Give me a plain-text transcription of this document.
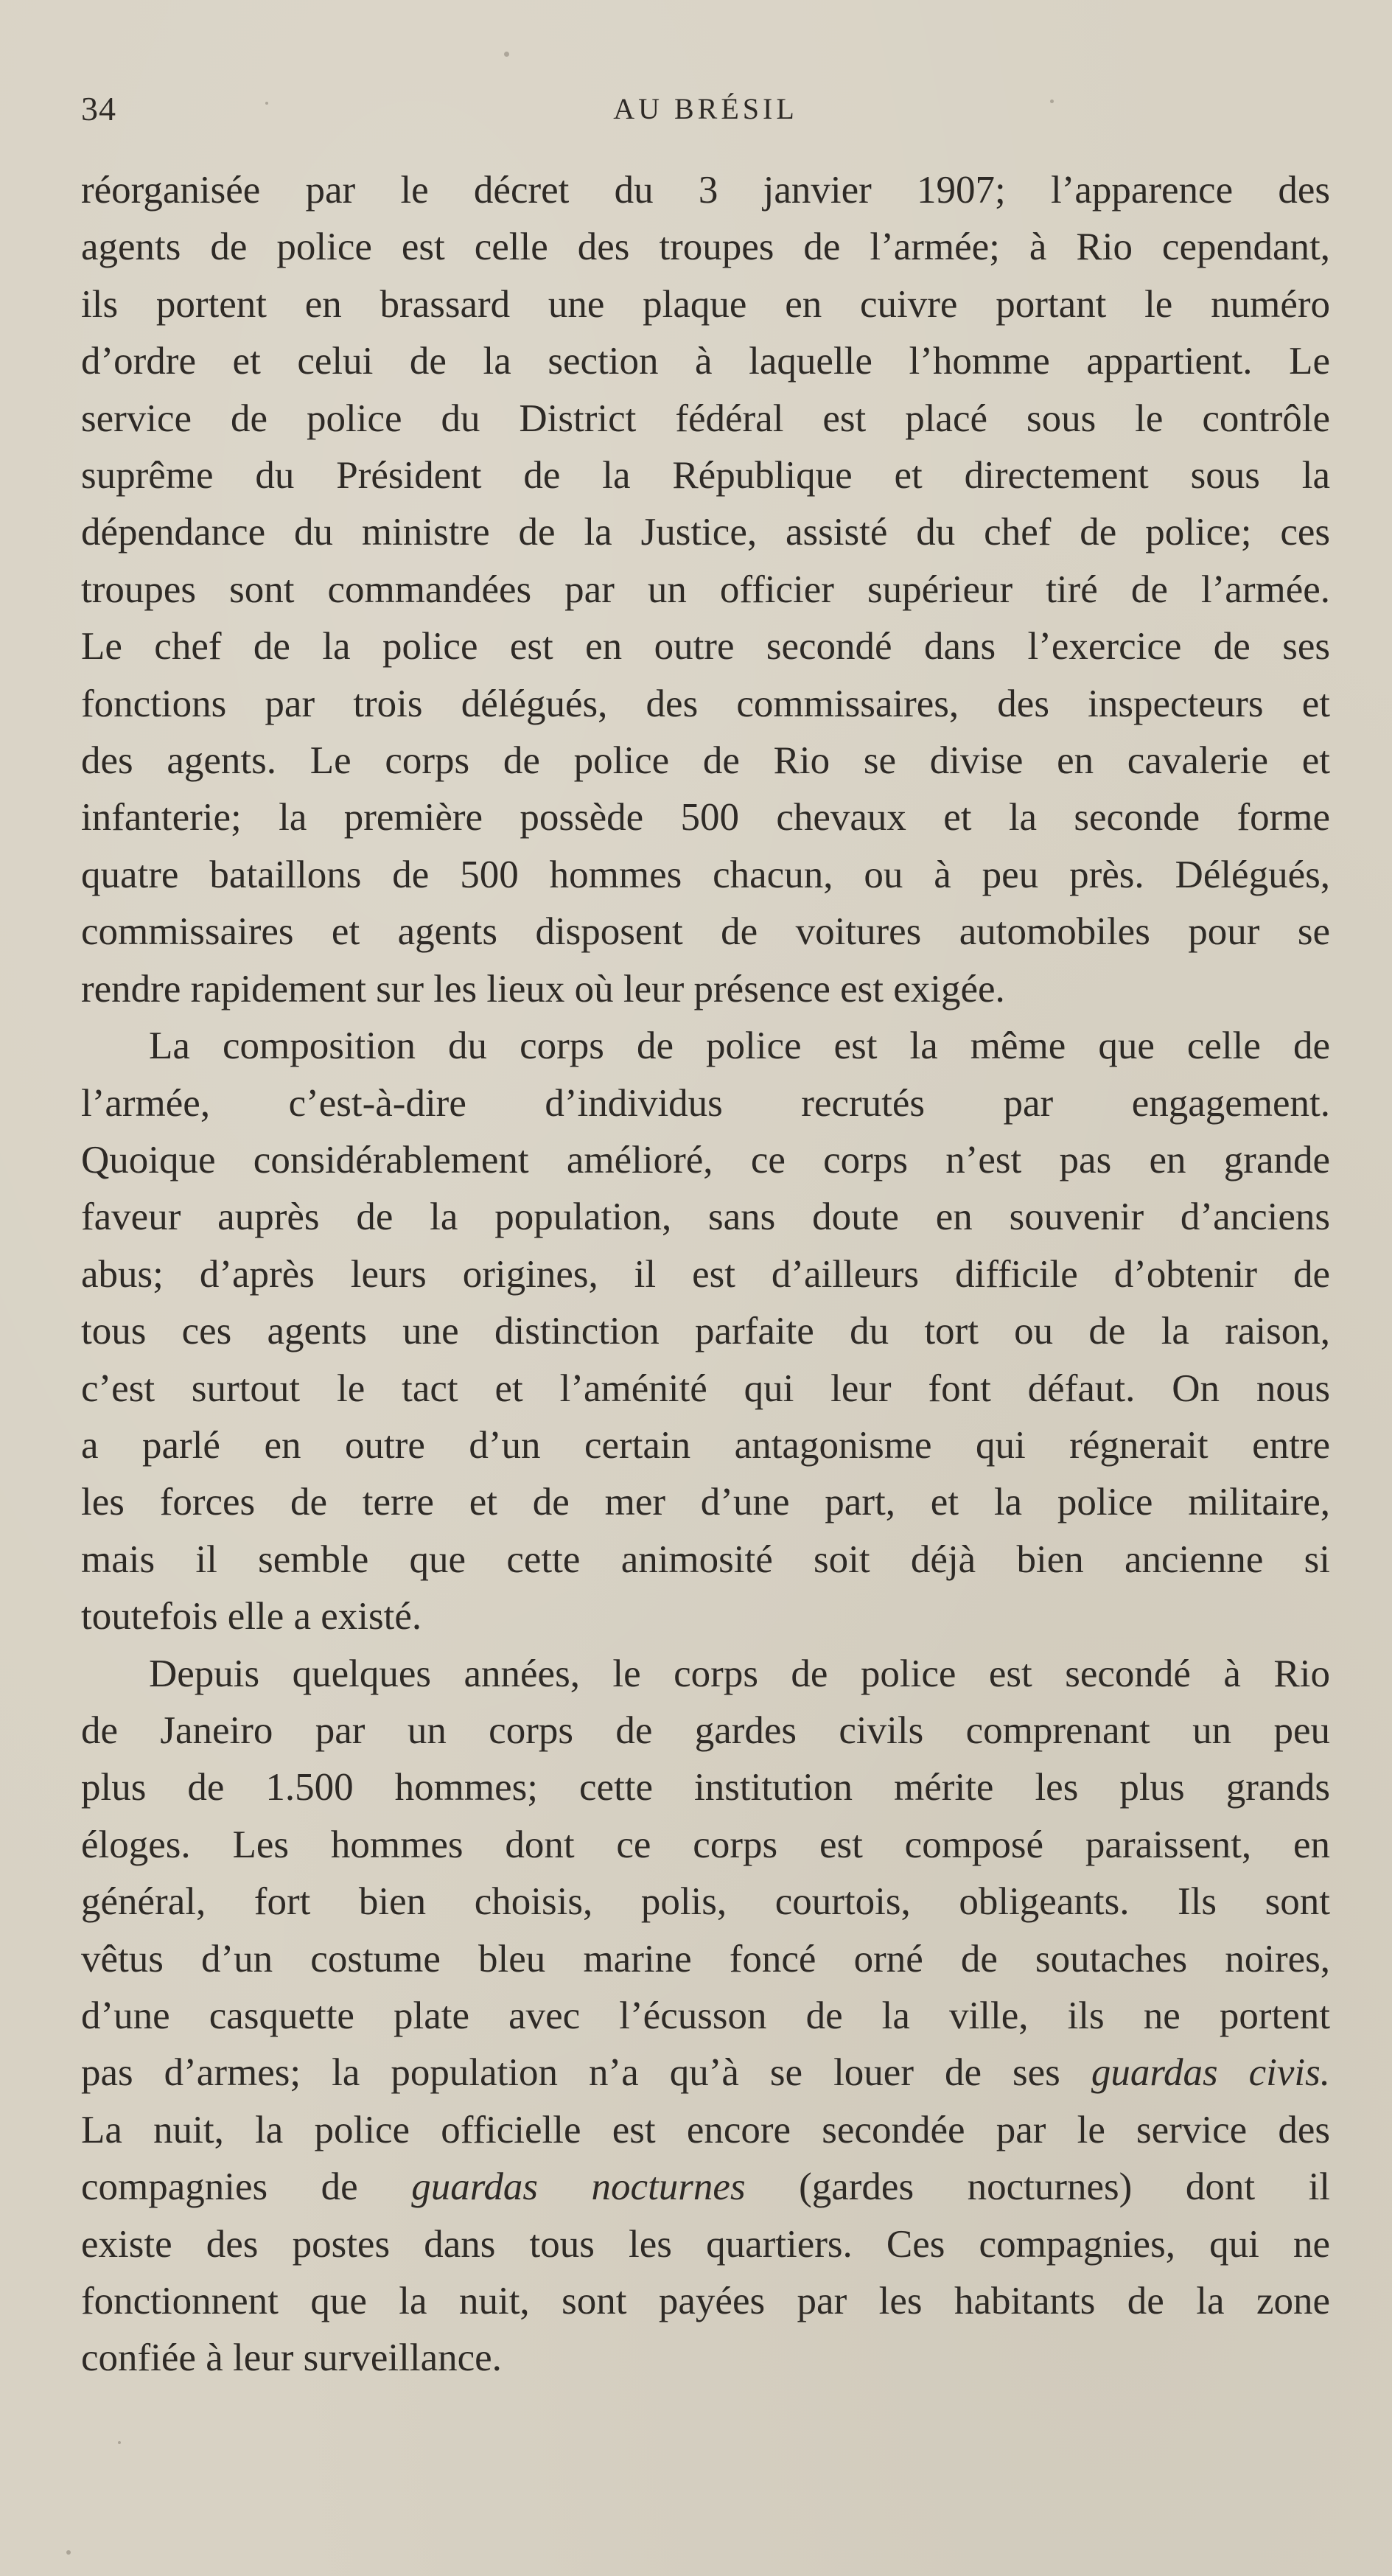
34	AU BRÉSIL

réorganisée par le décret du 3 janvier 1907; l’apparence des

agents de police est celle des troupes de l’armée; à Rio cependant,

ils portent en brassard une plaque en cuivre portant le numéro

d’ordre et celui de la section à laquelle l’homme appartient. Le

service de police du District fédéral est placé sous le contrôle

suprême du Président de la République et directement sous la

dépendance du ministre de la Justice, assisté du chef de police; ces

troupes sont commandées par un officier supérieur tiré de l’armée.

Le chef de la police est en outre secondé dans l’exercice de ses

fonctions par trois délégués, des commissaires, des inspecteurs et

des agents. Le corps de police de Rio se divise en cavalerie et

infanterie; la première possède 500 chevaux et la seconde forme

quatre bataillons de 500 hommes chacun, ou à peu près. Délégués,

commissaires et agents disposent de voitures automobiles pour se

rendre rapidement sur les lieux où leur présence est exigée.

La composition du corps de police est la même que celle de

l’armée, c’est-à-dire d’individus recrutés par engagement.

Quoique considérablement amélioré, ce corps n’est pas en grande

faveur auprès de la population, sans doute en souvenir d’anciens

abus; d’après leurs origines, il est d’ailleurs difficile d’obtenir de

tous ces agents une distinction parfaite du tort ou de la raison,

c’est surtout le tact et l’aménité qui leur font défaut. On nous

a parlé en outre d’un certain antagonisme qui régnerait entre

les forces de terre et de mer d’une part, et la police militaire,

mais il semble que cette animosité soit déjà bien ancienne si

toutefois elle a existé.

Depuis quelques années, le corps de police est secondé à Rio

de Janeiro par un corps de gardes civils comprenant un peu

plus de 1.500 hommes; cette institution mérite les plus grands

éloges. Les hommes dont ce corps est composé paraissent, en

général, fort bien choisis, polis, courtois, obligeants. Ils sont

vêtus d’un costume bleu marine foncé orné de soutaches noires,

d’une casquette plate avec l’écusson de la ville, ils ne portent

pas d’armes; la population n’a qu’à se louer de ses guardas civis.

La nuit, la police officielle est encore secondée par le service des

compagnies de guardas nocturnes (gardes nocturnes) dont il

existe des postes dans tous les quartiers. Ces compagnies, qui ne

fonctionnent que la nuit, sont payées par les habitants de la zone

confiée à leur surveillance.
